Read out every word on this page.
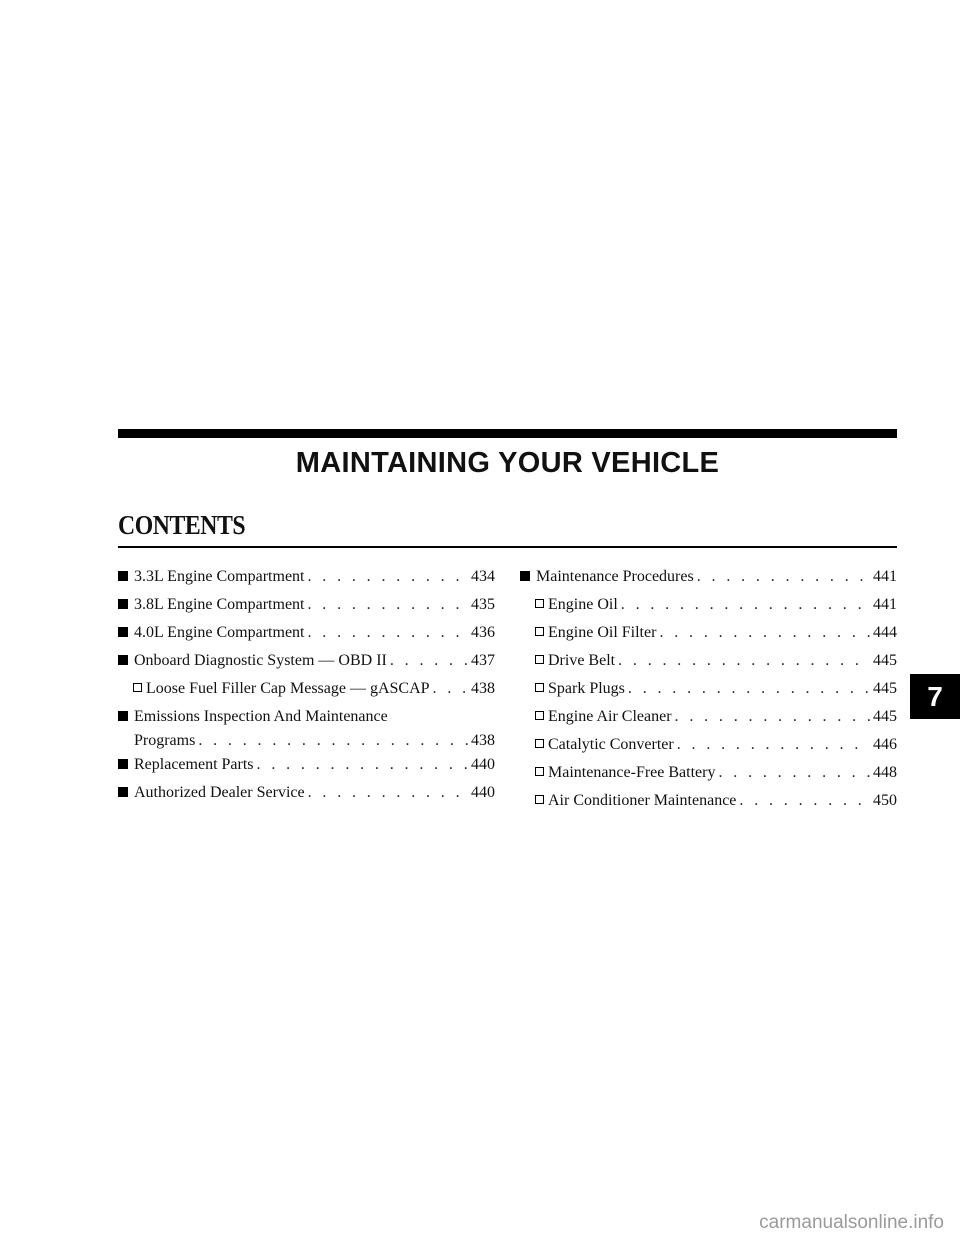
MAINTAINING YOUR VEHICLE
CONTENTS
3.3L Engine Compartment . . .	434
3.8L Engine Compartment . . .	435
4.0L Engine Compartment . . .	436
Onboard Diagnostic System — OBD II . . .	437
Loose Fuel Filler Cap Message — gASCAP . . .	438
Emissions Inspection And Maintenance
Programs . . .	438
Replacement Parts . . .	440
Authorized Dealer Service . . .	440
Maintenance Procedures . . .	441
Engine Oil . . .	441
Engine Oil Filter . . .	444
Drive Belt . . .	445
Spark Plugs . . .	445
Engine Air Cleaner . . .	445
Catalytic Converter . . .	446
Maintenance-Free Battery . . .	448
Air Conditioner Maintenance . . .	450
7
carmanualsonline.info
